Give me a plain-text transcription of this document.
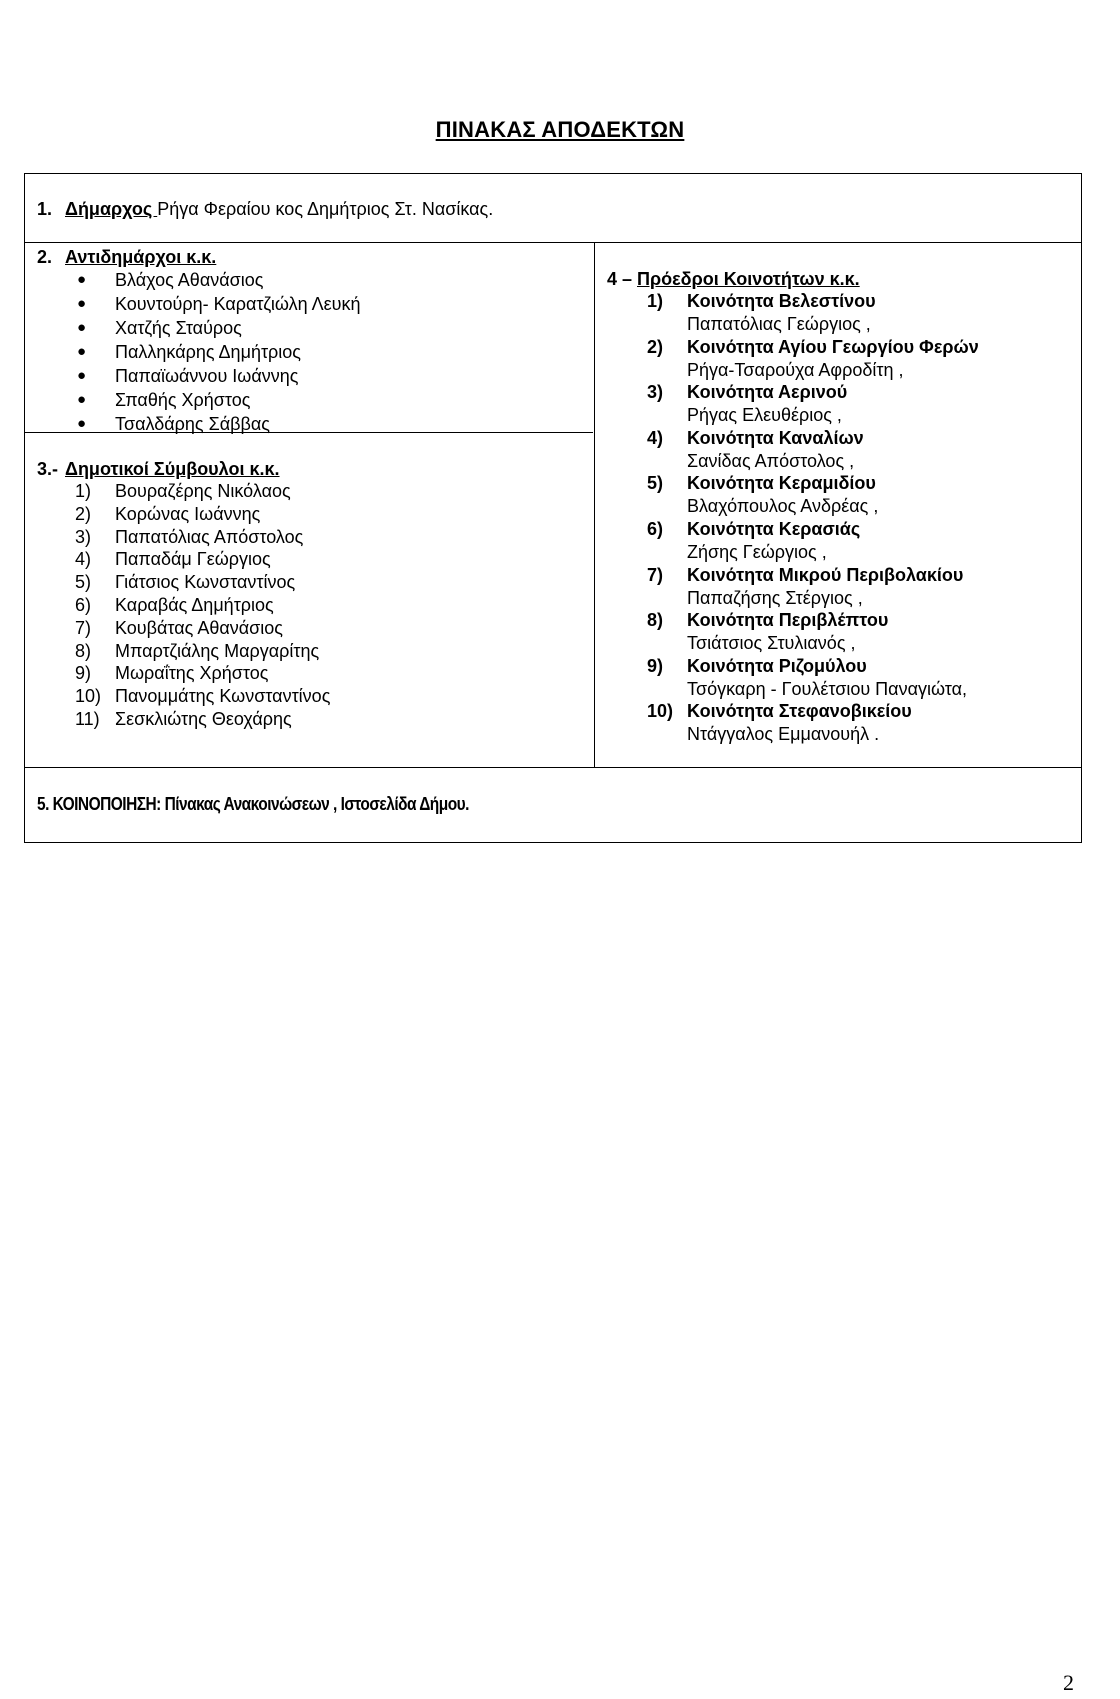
ΠΙΝΑΚΑΣ ΑΠΟΔΕΚΤΩΝ
1. Δήμαρχος Ρήγα Φεραίου κος Δημήτριος Στ. Νασίκας.
2. Αντιδημάρχοι κ.κ.
● Βλάχος Αθανάσιος
● Κουντούρη- Καρατζιώλη Λευκή
● Χατζής Σταύρος
● Παλληκάρης Δημήτριος
● Παπαϊωάννου Ιωάννης
● Σπαθής Χρήστος
● Τσαλδάρης Σάββας
3.- Δημοτικοί Σύμβουλοι κ.κ.
1) Βουραζέρης Νικόλαος
2) Κορώνας Ιωάννης
3) Παπατόλιας Απόστολος
4) Παπαδάμ Γεώργιος
5) Γιάτσιος Κωνσταντίνος
6) Καραβάς Δημήτριος
7) Κουβάτας Αθανάσιος
8) Μπαρτζιάλης Μαργαρίτης
9) Μωραΐτης Χρήστος
10) Πανομμάτης Κωνσταντίνος
11) Σεσκλιώτης Θεοχάρης
4 – Πρόεδροι Κοινοτήτων κ.κ.
1) Κοινότητα Βελεστίνου
Παπατόλιας Γεώργιος ,
2) Κοινότητα Αγίου Γεωργίου Φερών
Ρήγα-Τσαρούχα Αφροδίτη ,
3) Κοινότητα Αερινού
Ρήγας Ελευθέριος ,
4) Κοινότητα Καναλίων
Σανίδας Απόστολος ,
5) Κοινότητα Κεραμιδίου
Βλαχόπουλος Ανδρέας ,
6) Κοινότητα Κερασιάς
Ζήσης Γεώργιος ,
7) Κοινότητα Μικρού Περιβολακίου
Παπαζήσης Στέργιος ,
8) Κοινότητα Περιβλέπτου
Τσιάτσιος Στυλιανός ,
9) Κοινότητα Ριζομύλου
Τσόγκαρη - Γουλέτσιου Παναγιώτα,
10) Κοινότητα Στεφανοβικείου
Ντάγγαλος Εμμανουήλ .
5. ΚΟΙΝΟΠΟΙΗΣΗ: Πίνακας Ανακοινώσεων , Ιστοσελίδα Δήμου.
2
